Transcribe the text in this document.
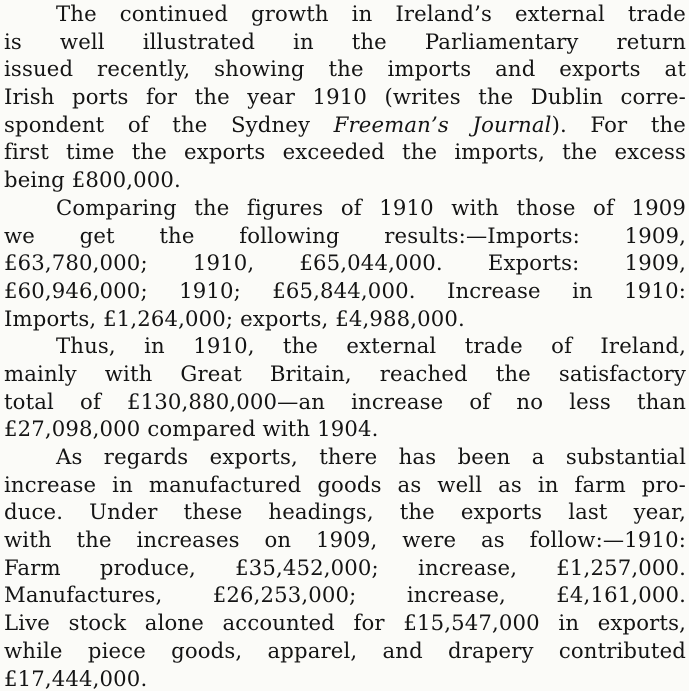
The continued growth in Ireland’s external trade
is well illustrated in the Parliamentary return
issued recently, showing the imports and exports at
Irish ports for the year 1910 (writes the Dublin corre-
spondent of the Sydney Freeman’s Journal). For the
first time the exports exceeded the imports, the excess
being £800,000.
Comparing the figures of 1910 with those of 1909
we get the following results:—Imports: 1909,
£63,780,000; 1910, £65,044,000. Exports: 1909,
£60,946,000; 1910; £65,844,000. Increase in 1910:
Imports, £1,264,000; exports, £4,988,000.
Thus, in 1910, the external trade of Ireland,
mainly with Great Britain, reached the satisfactory
total of £130,880,000—an increase of no less than
£27,098,000 compared with 1904.
As regards exports, there has been a substantial
increase in manufactured goods as well as in farm pro-
duce. Under these headings, the exports last year,
with the increases on 1909, were as follow:—1910:
Farm produce, £35,452,000; increase, £1,257,000.
Manufactures, £26,253,000; increase, £4,161,000.
Live stock alone accounted for £15,547,000 in exports,
while piece goods, apparel, and drapery contributed
£17,444,000.
